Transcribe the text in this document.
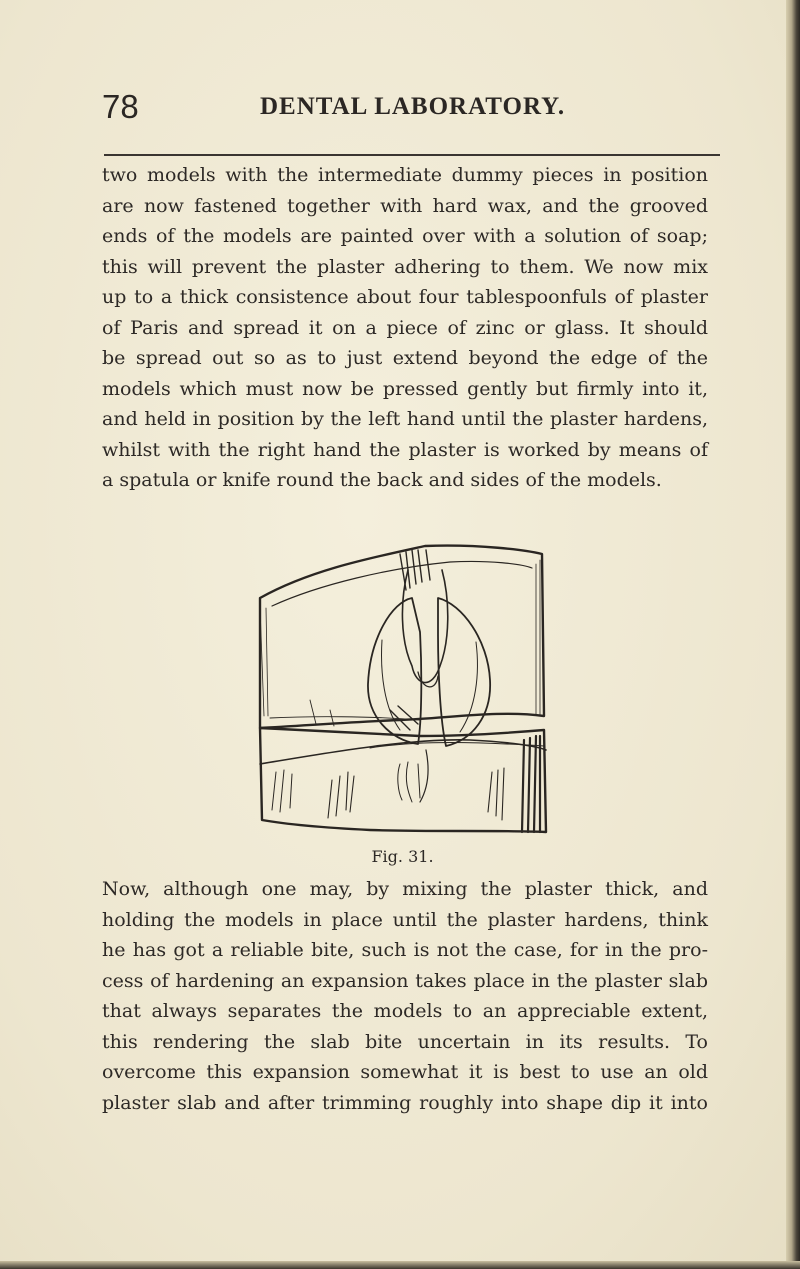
78	DENTAL LABORATORY.
two models with the intermediate dummy pieces in position
are now fastened together with hard wax, and the grooved
ends of the models are painted over with a solution of soap;
this will prevent the plaster adhering to them. We now mix
up to a thick consistence about four tablespoonfuls of plaster
of Paris and spread it on a piece of zinc or glass. It should
be spread out so as to just extend beyond the edge of the
models which must now be pressed gently but firmly into it,
and held in position by the left hand until the plaster hardens,
whilst with the right hand the plaster is worked by means of
a spatula or knife round the back and sides of the models.
Fig. 31.
Now, although one may, by mixing the plaster thick, and
holding the models in place until the plaster hardens, think
he has got a reliable bite, such is not the case, for in the pro-
cess of hardening an expansion takes place in the plaster slab
that always separates the models to an appreciable extent,
this rendering the slab bite uncertain in its results. To
overcome this expansion somewhat it is best to use an old
plaster slab and after trimming roughly into shape dip it into
